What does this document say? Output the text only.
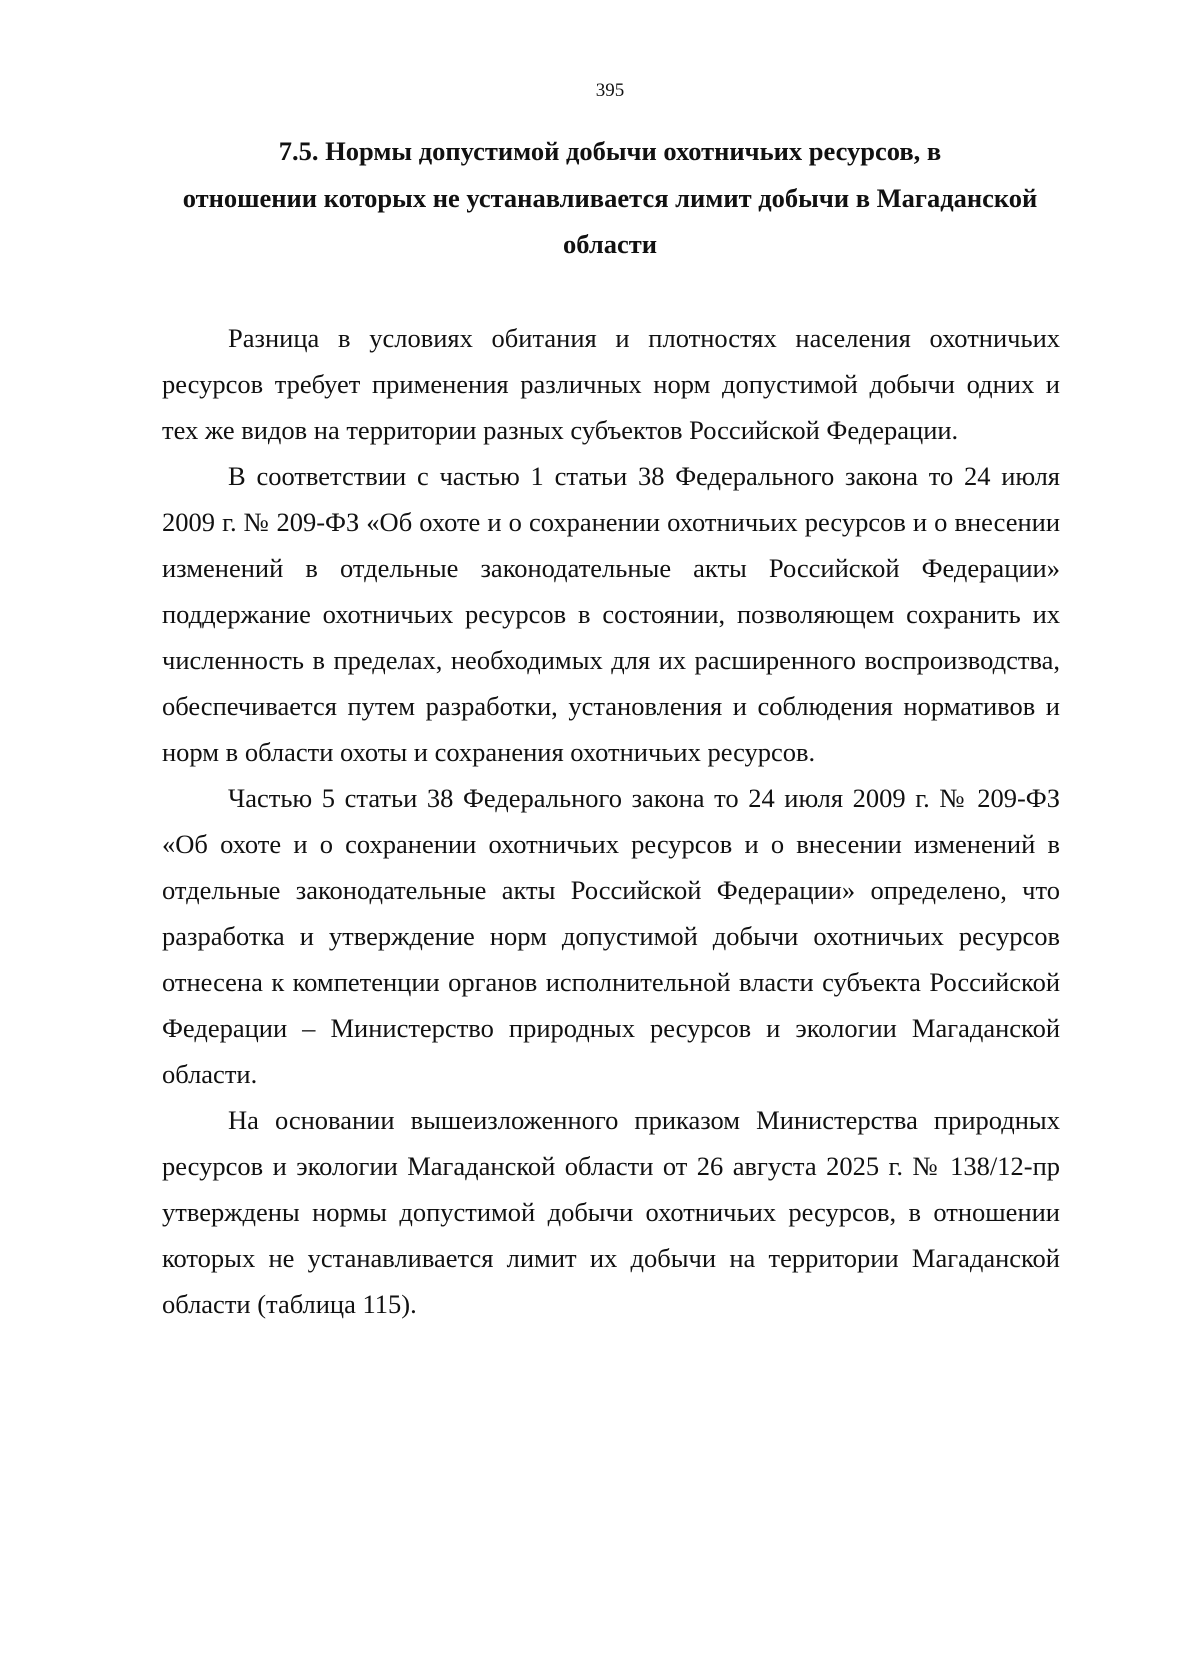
395
7.5. Нормы допустимой добычи охотничьих ресурсов, в
отношении которых не устанавливается лимит добычи в Магаданской
области

Разница в условиях обитания и плотностях населения охотничьих ресурсов требует применения различных норм допустимой добычи одних и тех же видов на территории разных субъектов Российской Федерации.

В соответствии с частью 1 статьи 38 Федерального закона то 24 июля 2009 г. № 209-ФЗ «Об охоте и о сохранении охотничьих ресурсов и о внесении изменений в отдельные законодательные акты Российской Федерации» поддержание охотничьих ресурсов в состоянии, позволяющем сохранить их численность в пределах, необходимых для их расширенного воспроизводства, обеспечивается путем разработки, установления и соблюдения нормативов и норм в области охоты и сохранения охотничьих ресурсов.

Частью 5 статьи 38 Федерального закона то 24 июля 2009 г. № 209-ФЗ «Об охоте и о сохранении охотничьих ресурсов и о внесении изменений в отдельные законодательные акты Российской Федерации» определено, что разработка и утверждение норм допустимой добычи охотничьих ресурсов отнесена к компетенции органов исполнительной власти субъекта Российской Федерации – Министерство природных ресурсов и экологии Магаданской области.

На основании вышеизложенного приказом Министерства природных ресурсов и экологии Магаданской области от 26 августа 2025 г. № 138/12-пр утверждены нормы допустимой добычи охотничьих ресурсов, в отношении которых не устанавливается лимит их добычи на территории Магаданской области (таблица 115).
